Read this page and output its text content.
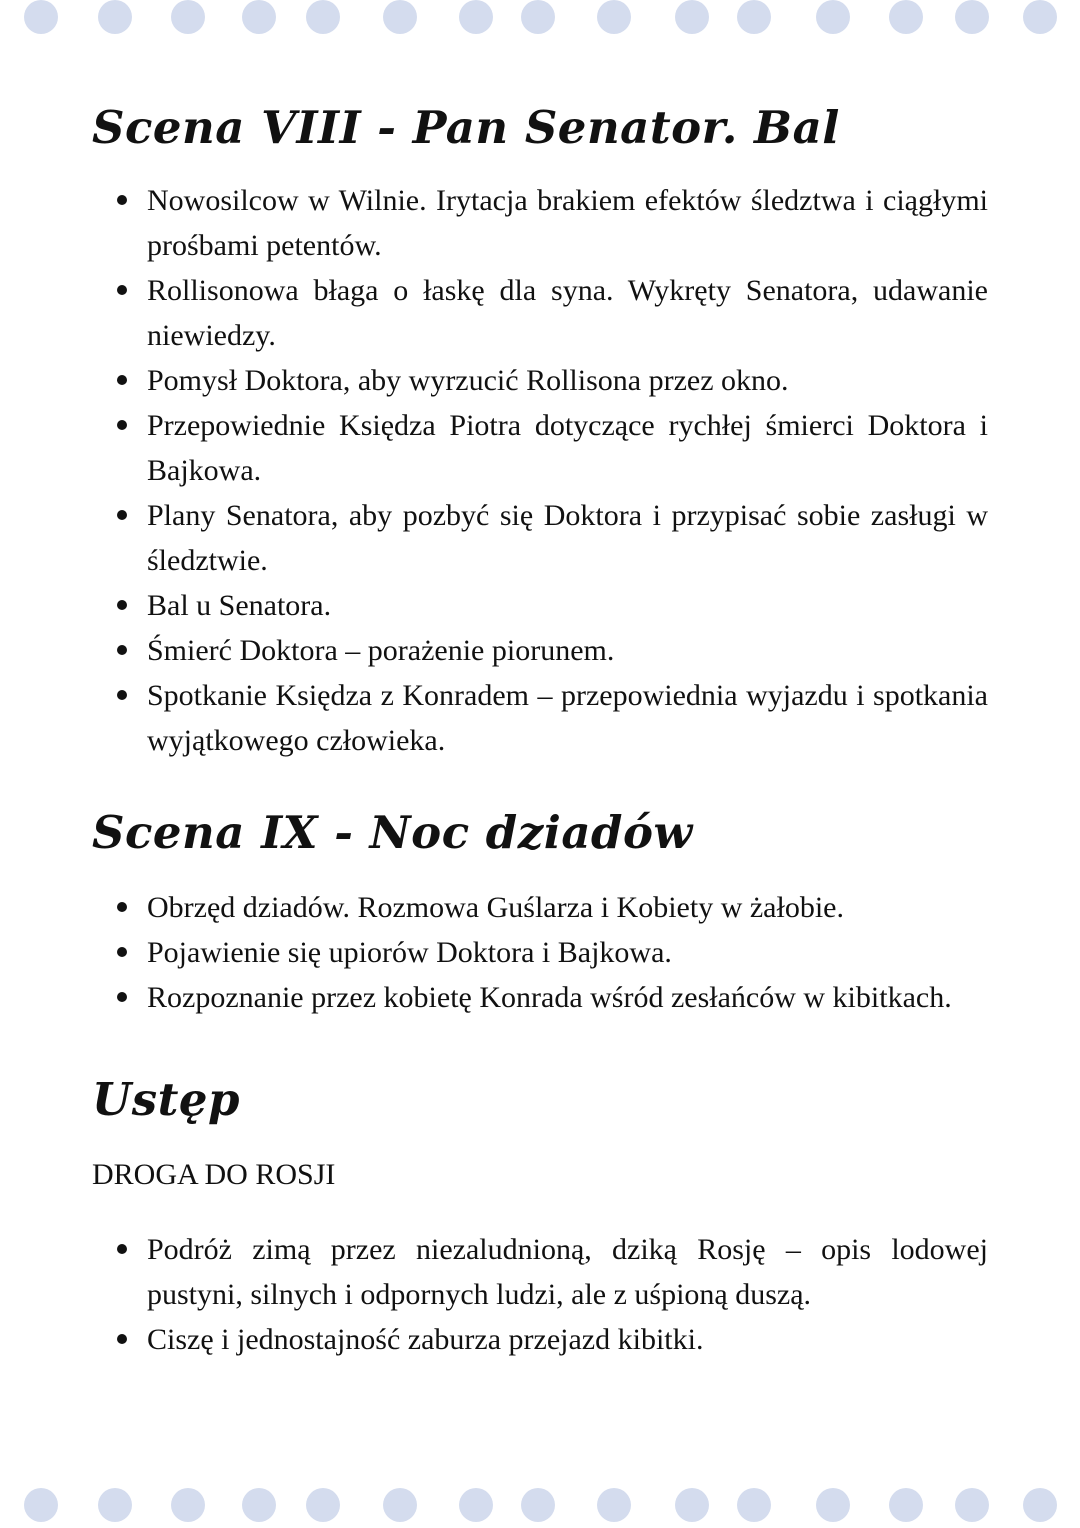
Scena VIII - Pan Senator. Bal
Nowosilcow w Wilnie. Irytacja brakiem efektów śledztwa i ciągłymi prośbami petentów.
Rollisonowa błaga o łaskę dla syna. Wykręty Senatora, udawanie niewiedzy.
Pomysł Doktora, aby wyrzucić Rollisona przez okno.
Przepowiednie Księdza Piotra dotyczące rychłej śmierci Doktora i Bajkowa.
Plany Senatora, aby pozbyć się Doktora i przypisać sobie zasługi w śledztwie.
Bal u Senatora.
Śmierć Doktora – porażenie piorunem.
Spotkanie Księdza z Konradem – przepowiednia wyjazdu i spotkania wyjątkowego człowieka.
Scena IX - Noc dziadów
Obrzęd dziadów. Rozmowa Guślarza i Kobiety w żałobie.
Pojawienie się upiorów Doktora i Bajkowa.
Rozpoznanie przez kobietę Konrada wśród zesłańców w kibitkach.
Ustęp

DROGA DO ROSJI

Podróż zimą przez niezaludnioną, dziką Rosję – opis lodowej pustyni, silnych i odpornych ludzi, ale z uśpioną duszą.
Ciszę i jednostajność zaburza przejazd kibitki.
